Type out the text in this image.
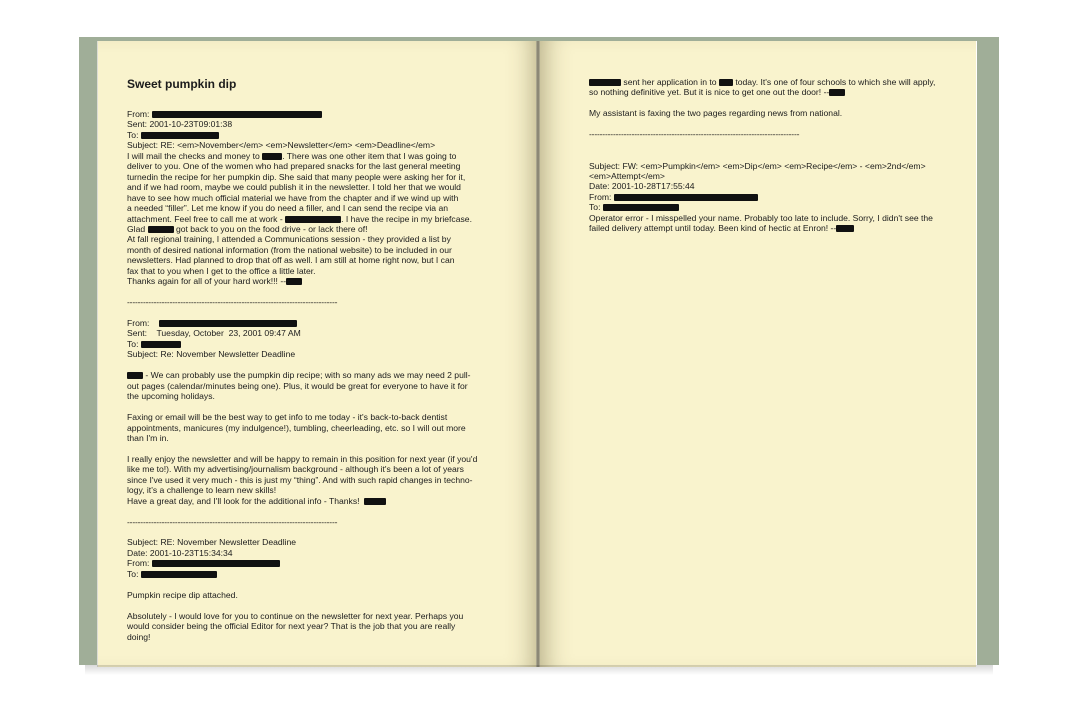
Sweet pumpkin dip
From:
Sent: 2001-10-23T09:01:38
To:
Subject: RE: <em>November</em> <em>Newsletter</em> <em>Deadline</em>
I will mail the checks and money to	. There was one other item that I was going to
deliver to you. One of the women who had prepared snacks for the last general meeting
turnedin the recipe for her pumpkin dip. She said that many people were asking her for it,
and if we had room, maybe we could publish it in the newsletter. I told her that we would
have to see how much official material we have from the chapter and if we wind up with
a needed “filler”. Let me know if you do need a filler, and I can send the recipe via an
attachment. Feel free to call me at work -	. I have the recipe in my briefcase.
Glad	got back to you on the food drive - or lack there of!
At fall regional training, I attended a Communications session - they provided a list by
month of desired national information (from the national website) to be included in our
newsletters. Had planned to drop that off as well. I am still at home right now, but I can
fax that to you when I get to the office a little later.
Thanks again for all of your hard work!!! --
-------------------------------------------------------------------------------
From:
Sent:    Tuesday, October  23, 2001 09:47 AM
To:
Subject: Re: November Newsletter Deadline
- We can probably use the pumpkin dip recipe; with so many ads we may need 2 pull-
out pages (calendar/minutes being one). Plus, it would be great for everyone to have it for
the upcoming holidays.
Faxing or email will be the best way to get info to me today - it's back-to-back dentist
appointments, manicures (my indulgence!), tumbling, cheerleading, etc. so I will out more
than I'm in.
I really enjoy the newsletter and will be happy to remain in this position for next year (if you'd
like me to!). With my advertising/journalism background - although it's been a lot of years
since I've used it very much - this is just my “thing”. And with such rapid changes in techno-
logy, it's a challenge to learn new skills!
Have a great day, and I'll look for the additional info - Thanks!
-------------------------------------------------------------------------------
Subject: RE: November Newsletter Deadline
Date: 2001-10-23T15:34:34
From:
To:
Pumpkin recipe dip attached.
Absolutely - I would love for you to continue on the newsletter for next year. Perhaps you
would consider being the official Editor for next year? That is the job that you are really
doing!
sent her application in to today. It's one of four schools to which she will apply,
so nothing definitive yet. But it is nice to get one out the door! --
My assistant is faxing the two pages regarding news from national.
-------------------------------------------------------------------------------
Subject: FW: <em>Pumpkin</em> <em>Dip</em> <em>Recipe</em> - <em>2nd</em>
<em>Attempt</em>
Date: 2001-10-28T17:55:44
From:
To:
Operator error - I misspelled your name. Probably too late to include. Sorry, I didn't see the
failed delivery attempt until today. Been kind of hectic at Enron! --
